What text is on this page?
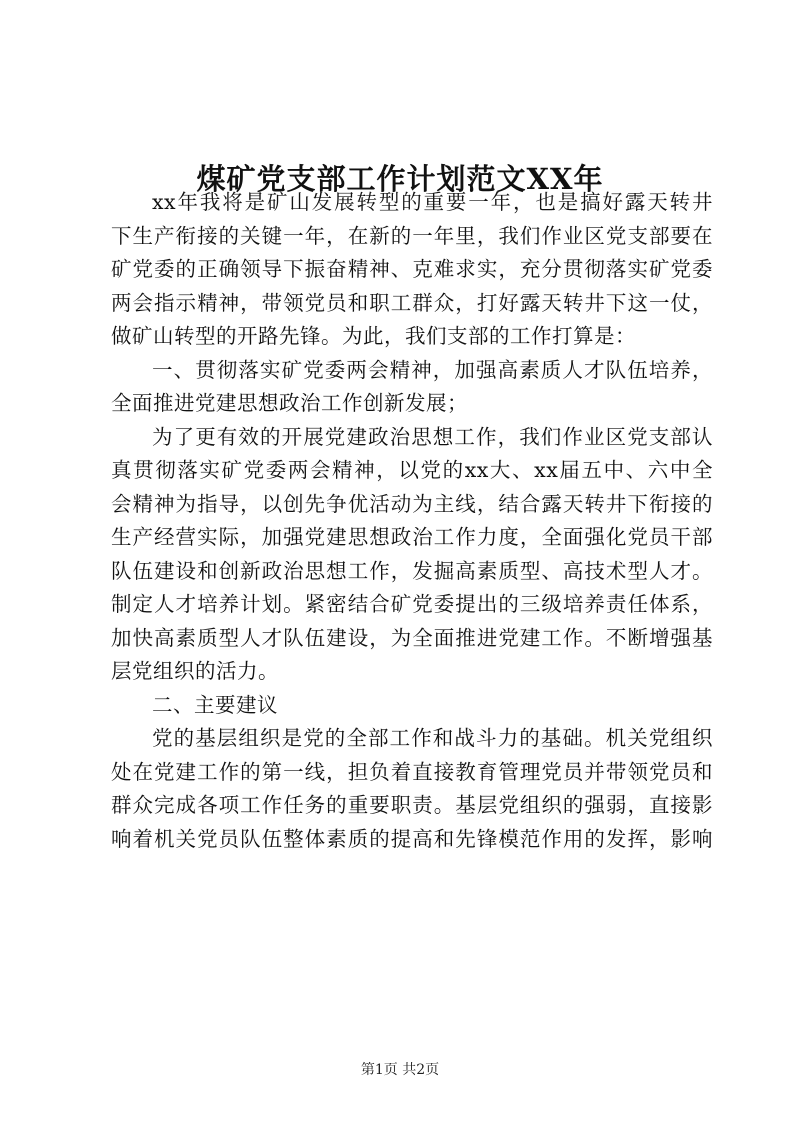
煤矿党支部工作计划范文XX年
xx年我将是矿山发展转型的重要一年，也是搞好露天转井
下生产衔接的关键一年，在新的一年里，我们作业区党支部要在
矿党委的正确领导下振奋精神、克难求实，充分贯彻落实矿党委
两会指示精神，带领党员和职工群众，打好露天转井下这一仗，
做矿山转型的开路先锋。为此，我们支部的工作打算是：
一、贯彻落实矿党委两会精神，加强高素质人才队伍培养，
全面推进党建思想政治工作创新发展；
为了更有效的开展党建政治思想工作，我们作业区党支部认
真贯彻落实矿党委两会精神，以党的xx大、xx届五中、六中全
会精神为指导，以创先争优活动为主线，结合露天转井下衔接的
生产经营实际，加强党建思想政治工作力度，全面强化党员干部
队伍建设和创新政治思想工作，发掘高素质型、高技术型人才。
制定人才培养计划。紧密结合矿党委提出的三级培养责任体系，
加快高素质型人才队伍建设，为全面推进党建工作。不断增强基
层党组织的活力。
二、主要建议
党的基层组织是党的全部工作和战斗力的基础。机关党组织
处在党建工作的第一线，担负着直接教育管理党员并带领党员和
群众完成各项工作任务的重要职责。基层党组织的强弱，直接影
响着机关党员队伍整体素质的提高和先锋模范作用的发挥，影响
第1页 共2页
